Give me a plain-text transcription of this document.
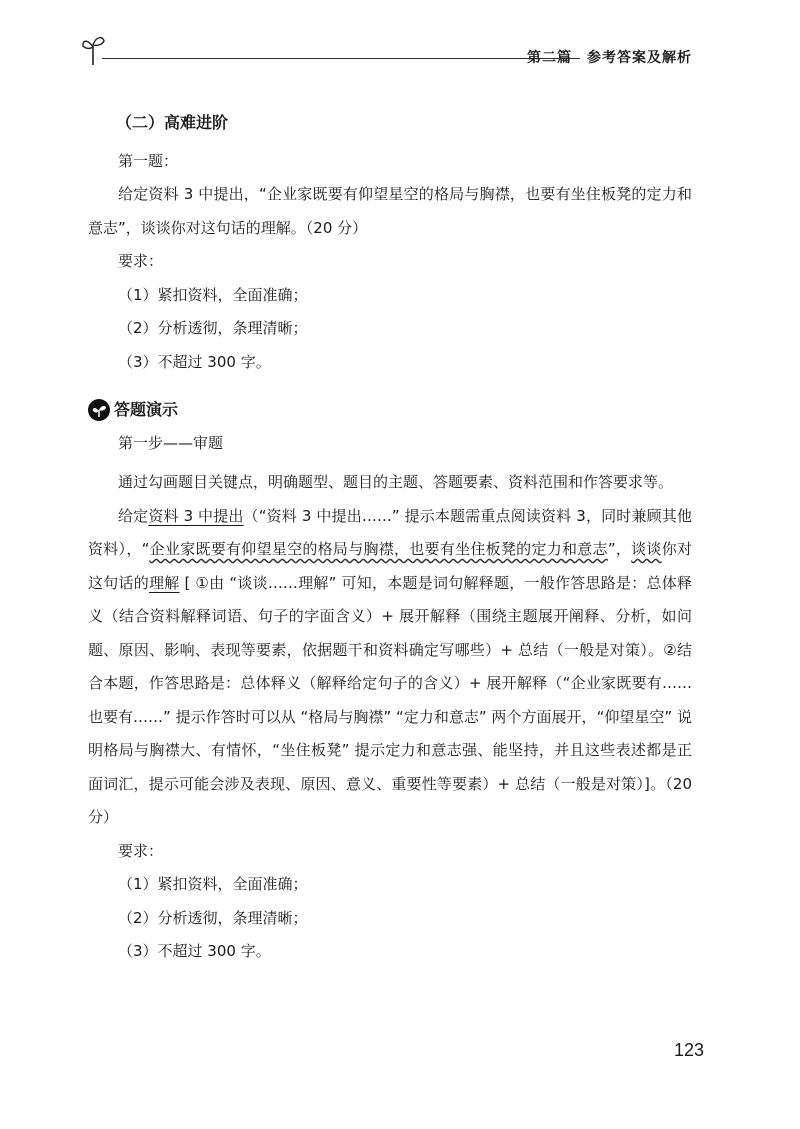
第二篇　参考答案及解析

（二）高难进阶

第一题：

给定资料 3 中提出，“企业家既要有仰望星空的格局与胸襟，也要有坐住板凳的定力和意志”，谈谈你对这句话的理解。（20 分）

要求：

（1）紧扣资料，全面准确；

（2）分析透彻，条理清晰；

（3）不超过 300 字。

答题演示

第一步——审题

通过勾画题目关键点，明确题型、题目的主题、答题要素、资料范围和作答要求等。

给定资料 3 中提出（“资料 3 中提出……” 提示本题需重点阅读资料 3，同时兼顾其他资料），“企业家既要有仰望星空的格局与胸襟，也要有坐住板凳的定力和意志”，谈谈你对这句话的理解 [ ①由 “谈谈……理解” 可知，本题是词句解释题，一般作答思路是：总体释义（结合资料解释词语、句子的字面含义）+ 展开解释（围绕主题展开阐释、分析，如问题、原因、影响、表现等要素，依据题干和资料确定写哪些）+ 总结（一般是对策）。②结合本题，作答思路是：总体释义（解释给定句子的含义）+ 展开解释（“企业家既要有……也要有……” 提示作答时可以从 “格局与胸襟” “定力和意志” 两个方面展开，“仰望星空” 说明格局与胸襟大、有情怀，“坐住板凳” 提示定力和意志强、能坚持，并且这些表述都是正面词汇，提示可能会涉及表现、原因、意义、重要性等要素）+ 总结（一般是对策）]。（20 分）

要求：

（1）紧扣资料，全面准确；

（2）分析透彻，条理清晰；

（3）不超过 300 字。

123
